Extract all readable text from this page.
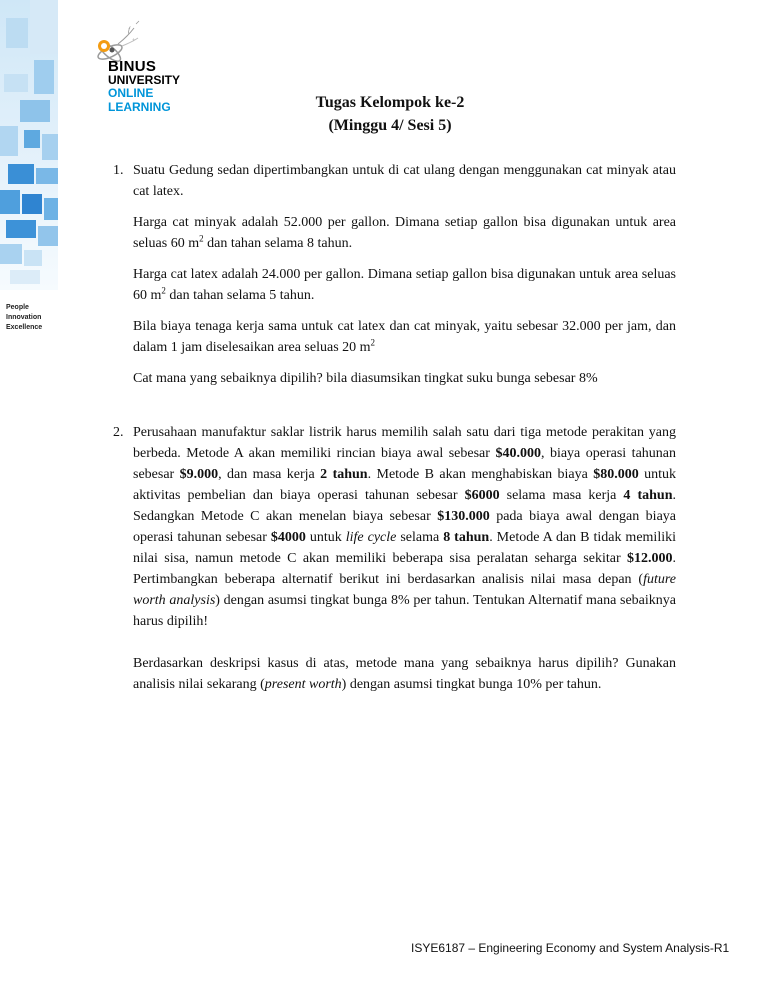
People
Innovation
Excellence
f
+
BINUS
UNIVERSITY
ONLINE
LEARNING	Tugas Kelompok ke-2
(Minggu 4/ Sesi 5)
1. Suatu Gedung sedan dipertimbangkan untuk di cat ulang dengan menggunakan cat minyak atau cat latex.
Harga cat minyak adalah 52.000 per gallon. Dimana setiap gallon bisa digunakan untuk area seluas 60 $m^2$ dan tahan selama 8 tahun.
Harga cat latex adalah 24.000 per gallon. Dimana setiap gallon bisa digunakan untuk area seluas 60 $m^2$ dan tahan selama 5 tahun.
Bila biaya tenaga kerja sama untuk cat latex dan cat minyak, yaitu sebesar 32.000 per jam, dan dalam 1 jam diselesaikan area seluas 20 $m^2$
Cat mana yang sebaiknya dipilih? bila diasumsikan tingkat suku bunga sebesar 8%
2. Perusahaan manufaktur saklar listrik harus memilih salah satu dari tiga metode perakitan yang berbeda. Metode A akan memiliki rincian biaya awal sebesar $40.000, biaya operasi tahunan sebesar $9.000, dan masa kerja 2 tahun. Metode B akan menghabiskan biaya $80.000 untuk aktivitas pembelian dan biaya operasi tahunan sebesar $6000 selama masa kerja 4 tahun. Sedangkan Metode C akan menelan biaya sebesar $130.000 pada biaya awal dengan biaya operasi tahunan sebesar $4000 untuk life cycle selama 8 tahun. Metode A dan B tidak memiliki nilai sisa, namun metode C akan memiliki beberapa sisa peralatan seharga sekitar $12.000. Pertimbangkan beberapa alternatif berikut ini berdasarkan analisis nilai masa depan (future worth analysis) dengan asumsi tingkat bunga 8% per tahun. Tentukan Alternatif mana sebaiknya harus dipilih!
Berdasarkan deskripsi kasus di atas, metode mana yang sebaiknya harus dipilih? Gunakan analisis nilai sekarang (present worth) dengan asumsi tingkat bunga 10% per tahun.
ISYE6187 – Engineering Economy and System Analysis-R1
